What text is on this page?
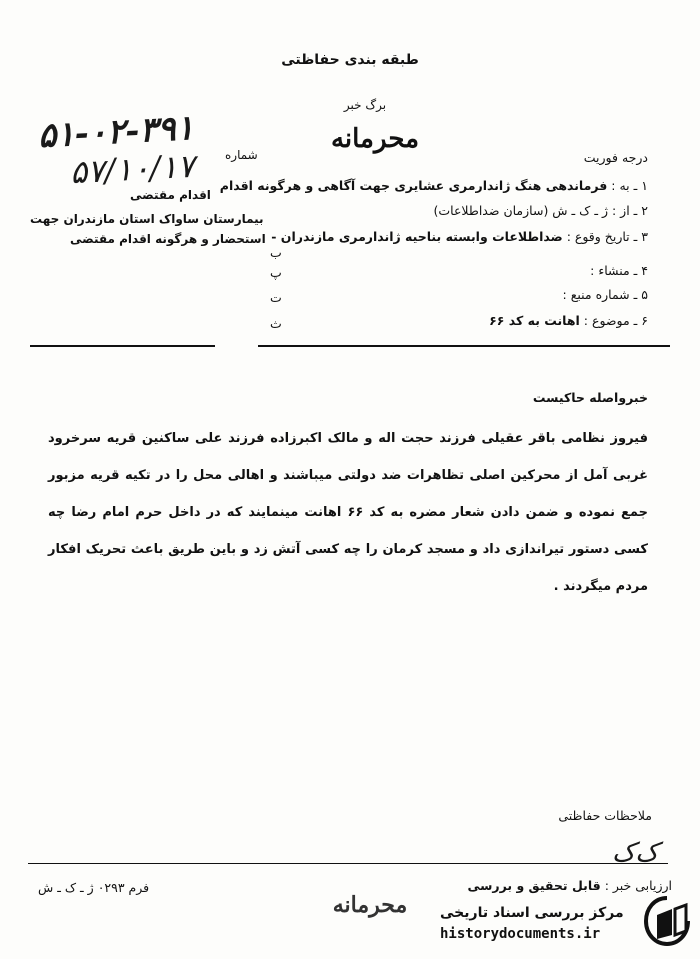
طبقه بندی حفاظتی
برگ خبر
محرمانه
۵۱-۰۲-۳۹۱
۵۷/۱۰/۱۷ شماره	درجه فوریت
۱ ـ به : فرماندهی هنگ ژاندارمری عشایری جهت آگاهی و هرگونه اقدام
۲ ـ از : ژ ـ ک ـ ش (سازمان ضداطلاعات)
۳ ـ تاریخ وقوع : ضداطلاعات وابسته بناحیه ژاندارمری مازندران -
۴ ـ منشاء :
۵ ـ شماره منبع :
۶ ـ موضوع : اهانت به کد ۶۶
ب
پ
ت
ث
اقدام مقتضی
بیمارستان ساواک استان مازندران جهت
استحضار و هرگونه اقدام مقتضی
خبرواصله حاکیست
فیروز نظامی باقر عقیلی فرزند حجت اله و مالک اکبرزاده فرزند علی ساکنین قریه سرخرود غربی آمل از محرکین اصلی تظاهرات ضد دولتی میباشند و اهالی محل را در تکیه قریه مزبور جمع نموده و ضمن دادن شعار مضره به کد ۶۶ اهانت مینمایند که در داخل حرم امام رضا چه کسی دستور تیراندازی داد و مسجد کرمان را چه کسی آتش زد و باین طریق باعث تحریک افکار مردم میگردند .
ملاحظات حفاظتی
ک‌ک
ارزیابی خبر : قابل تحقیق و بررسی
فرم ۰۲۹۳ ژ ـ ک ـ ش
محرمانه	مرکز بررسی اسناد تاریخی
historydocuments.ir
